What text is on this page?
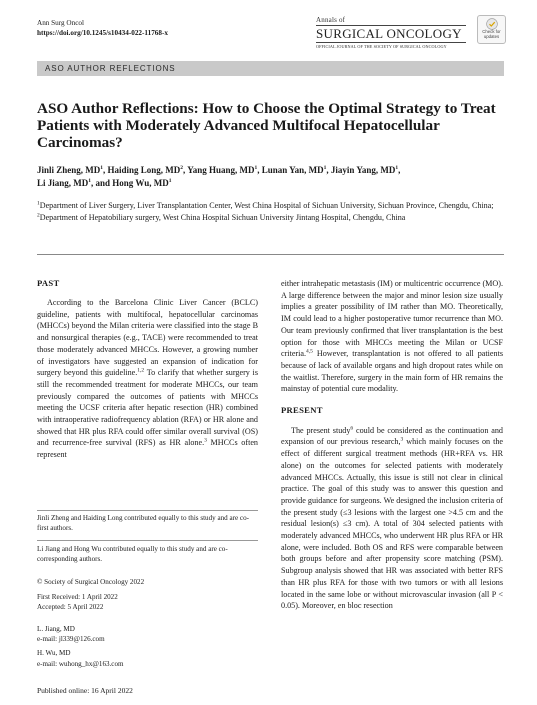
Ann Surg Oncol
https://doi.org/10.1245/s10434-022-11768-x
Annals of
SURGICAL ONCOLOGY
OFFICIAL JOURNAL OF THE SOCIETY OF SURGICAL ONCOLOGY
Check for
updates
ASO AUTHOR REFLECTIONS
ASO Author Reflections: How to Choose the Optimal Strategy to Treat Patients with Moderately Advanced Multifocal Hepatocellular Carcinomas?
Jinli Zheng, $MD^1$, Haiding Long, $MD^2$, Yang Huang, $MD^1$, Lunan Yan, $MD^1$, Jiayin Yang, $MD^1$,
Li Jiang, $MD^1$, and Hong Wu, $MD^1$
$^1$Department of Liver Surgery, Liver Transplantation Center, West China Hospital of Sichuan University, Sichuan Province, Chengdu, China; $^2$Department of Hepatobiliary surgery, West China Hospital Sichuan University Jintang Hospital, Chengdu, China
PAST

According to the Barcelona Clinic Liver Cancer (BCLC) guideline, patients with multifocal, hepatocellular carcinomas (MHCCs) beyond the Milan criteria were classified into the stage B and nonsurgical therapies (e.g., TACE) were recommended to treat those moderately advanced MHCCs. However, a growing number of investigators have suggested an expansion of indication for surgery beyond this guideline.$^{1,2}$ To clarify that whether surgery is still the recommended treatment for moderate MHCCs, our team previously compared the outcomes of patients with MHCCs meeting the UCSF criteria after hepatic resection (HR) combined with intraoperative radiofrequency ablation (RFA) or HR alone and showed that HR plus RFA could offer similar overall survival (OS) and recurrence-free survival (RFS) as HR alone.$^3$ MHCCs often represent

either intrahepatic metastasis (IM) or multicentric occurrence (MO). A large difference between the major and minor lesion size usually implies a greater possibility of IM rather than MO. Theoretically, IM could lead to a higher postoperative tumor recurrence than MO. Our team previously confirmed that liver transplantation is the best option for those with MHCCs meeting the Milan or UCSF criteria.$^{4,5}$ However, transplantation is not offered to all patients because of lack of available organs and high dropout rates while on the waitlist. Therefore, surgery in the main form of HR remains the mainstay of potential cure modality.

PRESENT

The present study$^6$ could be considered as the continuation and expansion of our previous research,$^3$ which mainly focuses on the effect of different surgical treatment methods (HR+RFA vs. HR alone) on the outcomes for selected patients with moderately advanced MHCCs. Actually, this issue is still not clear in clinical practice. The goal of this study was to answer this question and provide guidance for surgeons. We designed the inclusion criteria of the present study (≤3 lesions with the largest one >4.5 cm and the residual lesion(s) ≤3 cm). A total of 304 selected patients with moderately advanced MHCCs, who underwent HR plus RFA or HR alone, were included. Both OS and RFS were comparable between both groups before and after propensity score matching (PSM). Subgroup analysis showed that HR was associated with better RFS than HR plus RFA for those with two tumors or with all lesions located in the same lobe or without microvascular invasion (all P < 0.05). Moreover, en bloc resection

Jinli Zheng and Haiding Long contributed equally to this study and are co-first authors.
Li Jiang and Hong Wu contributed equally to this study and are co-corresponding authors.
© Society of Surgical Oncology 2022
First Received: 1 April 2022
Accepted: 5 April 2022
L. Jiang, MD
e-mail: jl339@126.com
H. Wu, MD
e-mail: wuhong_hx@163.com
Published online: 16 April 2022
